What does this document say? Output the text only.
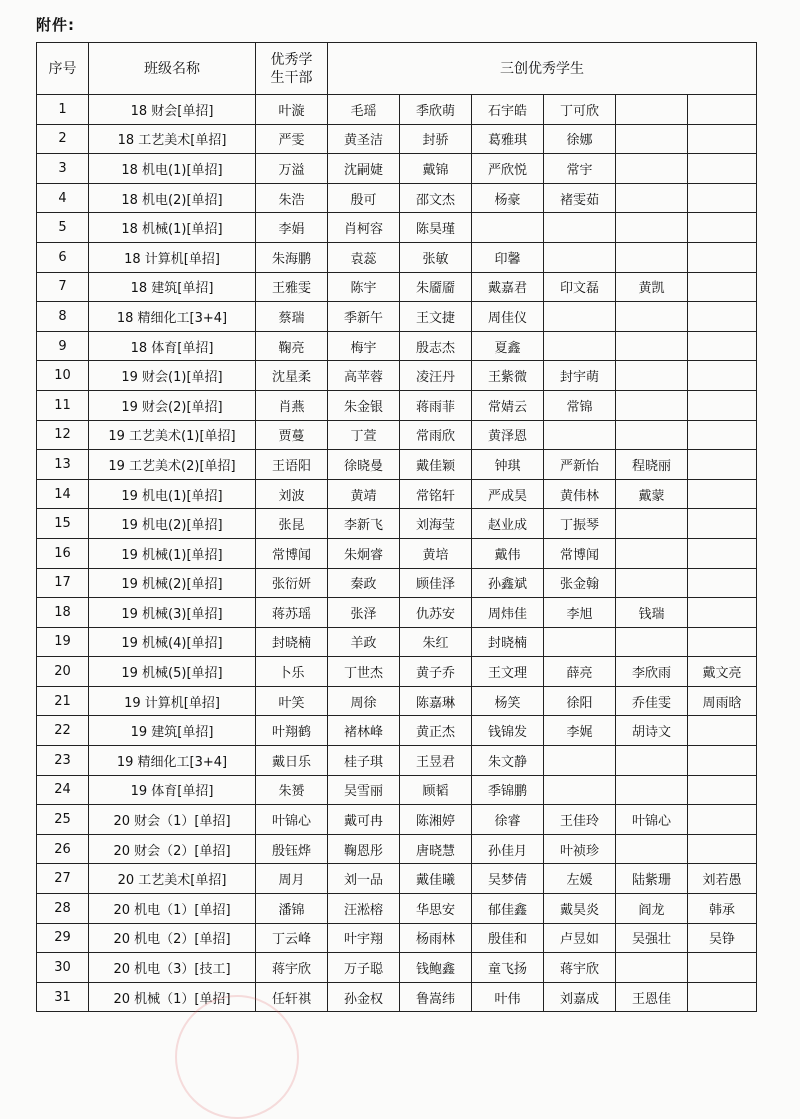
附件:
序号	班级名称	优秀学
生干部	三创优秀学生					
1	18 财会[单招]	叶漩	毛瑶	季欣萌	石宇皓	丁可欣		
2	18 工艺美术[单招]	严雯	黄圣洁	封骄	葛雅琪	徐娜		
3	18 机电(1)[单招]	万溢	沈嗣婕	戴锦	严欣悦	常宇		
4	18 机电(2)[单招]	朱浩	殷可	邵文杰	杨豪	褚雯茹		
5	18 机械(1)[单招]	李娟	肖柯容	陈昊瑾				
6	18 计算机[单招]	朱海鹏	袁蕊	张敏	印馨			
7	18 建筑[单招]	王雅雯	陈宇	朱靥靥	戴嘉君	印文磊	黄凯	
8	18 精细化工[3+4]	蔡瑞	季新午	王文捷	周佳仪			
9	18 体育[单招]	鞠亮	梅宇	殷志杰	夏鑫			
10	19 财会(1)[单招]	沈星柔	高苹蓉	凌汪丹	王紫微	封宇萌		
11	19 财会(2)[单招]	肖燕	朱金银	蒋雨菲	常婧云	常锦		
12	19 工艺美术(1)[单招]	贾蔓	丁萱	常雨欣	黄泽恩			
13	19 工艺美术(2)[单招]	王语阳	徐晓曼	戴佳颖	钟琪	严新怡	程晓丽	
14	19 机电(1)[单招]	刘波	黄靖	常铭轩	严成昊	黄伟林	戴蒙	
15	19 机电(2)[单招]	张昆	李新飞	刘海莹	赵业成	丁振琴		
16	19 机械(1)[单招]	常博闻	朱炯睿	黄培	戴伟	常博闻		
17	19 机械(2)[单招]	张衍妍	秦政	顾佳泽	孙鑫斌	张金翰		
18	19 机械(3)[单招]	蒋苏瑶	张泽	仇苏安	周炜佳	李旭	钱瑞	
19	19 机械(4)[单招]	封晓楠	羊政	朱红	封晓楠			
20	19 机械(5)[单招]	卜乐	丁世杰	黄子乔	王文理	薛亮	李欣雨	戴文亮
21	19 计算机[单招]	叶笑	周徐	陈嘉琳	杨笑	徐阳	乔佳雯	周雨晗
22	19 建筑[单招]	叶翔鹤	褚林峰	黄正杰	钱锦发	李娓	胡诗文	
23	19 精细化工[3+4]	戴日乐	桂子琪	王昱君	朱文静			
24	19 体育[单招]	朱赟	吴雪丽	顾韬	季锦鹏			
25	20 财会（1）[单招]	叶锦心	戴可冉	陈湘婷	徐睿	王佳玲	叶锦心	
26	20 财会（2）[单招]	殷钰烨	鞠恩彤	唐晓慧	孙佳月	叶祯珍		
27	20 工艺美术[单招]	周月	刘一品	戴佳曦	吴梦倩	左媛	陆紫珊	刘若愚
28	20 机电（1）[单招]	潘锦	汪淞榕	华思安	郁佳鑫	戴昊炎	阎龙	韩承
29	20 机电（2）[单招]	丁云峰	叶宇翔	杨雨林	殷佳和	卢昱如	吴强壮	吴铮
30	20 机电（3）[技工]	蒋宇欣	万子聪	钱鲍鑫	童飞扬	蒋宇欣		
31	20 机械（1）[单招]	任轩祺	孙金权	鲁嵩纬	叶伟	刘嘉成	王恩佳	
